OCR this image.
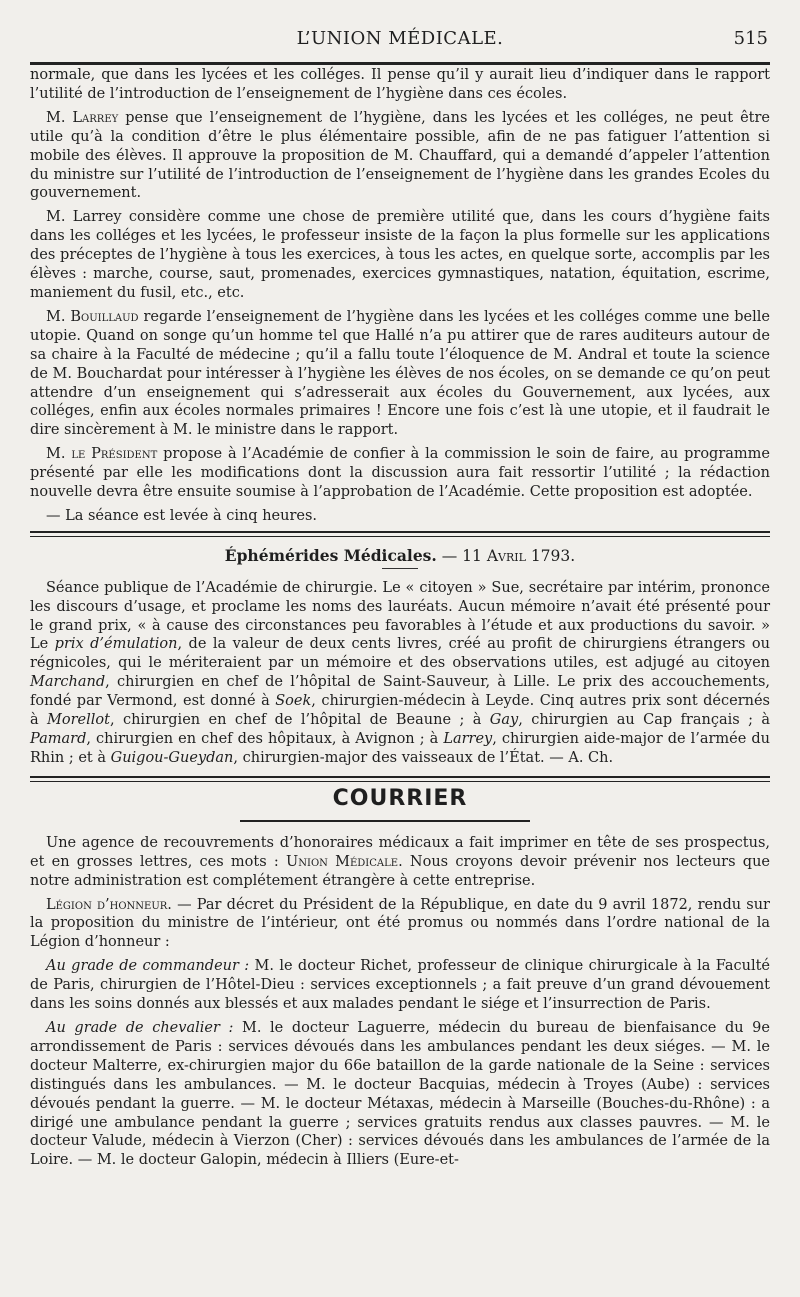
L’UNION MÉDICALE.	515

normale, que dans les lycées et les colléges. Il pense qu’il y aurait lieu d’indiquer dans le rapport l’utilité de l’introduction de l’enseignement de l’hygiène dans ces écoles.

M. Larrey pense que l’enseignement de l’hygiène, dans les lycées et les colléges, ne peut être utile qu’à la condition d’être le plus élémentaire possible, afin de ne pas fatiguer l’attention si mobile des élèves. Il approuve la proposition de M. Chauffard, qui a demandé d’appeler l’attention du ministre sur l’utilité de l’introduction de l’enseignement de l’hygiène dans les grandes Ecoles du gouvernement.

M. Larrey considère comme une chose de première utilité que, dans les cours d’hygiène faits dans les colléges et les lycées, le professeur insiste de la façon la plus formelle sur les applications des préceptes de l’hygiène à tous les exercices, à tous les actes, en quelque sorte, accomplis par les élèves : marche, course, saut, promenades, exercices gymnastiques, natation, équitation, escrime, maniement du fusil, etc., etc.

M. Bouillaud regarde l’enseignement de l’hygiène dans les lycées et les colléges comme une belle utopie. Quand on songe qu’un homme tel que Hallé n’a pu attirer que de rares auditeurs autour de sa chaire à la Faculté de médecine ; qu’il a fallu toute l’éloquence de M. Andral et toute la science de M. Bouchardat pour intéresser à l’hygiène les élèves de nos écoles, on se demande ce qu’on peut attendre d’un enseignement qui s’adresserait aux écoles du Gouvernement, aux lycées, aux colléges, enfin aux écoles normales primaires ! Encore une fois c’est là une utopie, et il faudrait le dire sincèrement à M. le ministre dans le rapport.

M. le Président propose à l’Académie de confier à la commission le soin de faire, au programme présenté par elle les modifications dont la discussion aura fait ressortir l’utilité ; la rédaction nouvelle devra être ensuite soumise à l’approbation de l’Académie. Cette proposition est adoptée.

— La séance est levée à cinq heures.

Éphémérides Médicales. — 11 Avril 1793.

Séance publique de l’Académie de chirurgie. Le « citoyen » Sue, secrétaire par intérim, prononce les discours d’usage, et proclame les noms des lauréats. Aucun mémoire n’avait été présenté pour le grand prix, « à cause des circonstances peu favorables à l’étude et aux productions du savoir. » Le prix d’émulation, de la valeur de deux cents livres, créé au profit de chirurgiens étrangers ou régnicoles, qui le mériteraient par un mémoire et des observations utiles, est adjugé au citoyen Marchand, chirurgien en chef de l’hôpital de Saint-Sauveur, à Lille. Le prix des accouchements, fondé par Vermond, est donné à Soek, chirurgien-médecin à Leyde. Cinq autres prix sont décernés à Morellot, chirurgien en chef de l’hôpital de Beaune ; à Gay, chirurgien au Cap français ; à Pamard, chirurgien en chef des hôpitaux, à Avignon ; à Larrey, chirurgien aide-major de l’armée du Rhin ; et à Guigou-Gueydan, chirurgien-major des vaisseaux de l’État. — A. Ch.

COURRIER

Une agence de recouvrements d’honoraires médicaux a fait imprimer en tête de ses prospectus, et en grosses lettres, ces mots : Union Médicale. Nous croyons devoir prévenir nos lecteurs que notre administration est complétement étrangère à cette entreprise.

Légion d’honneur. — Par décret du Président de la République, en date du 9 avril 1872, rendu sur la proposition du ministre de l’intérieur, ont été promus ou nommés dans l’ordre national de la Légion d’honneur :

Au grade de commandeur : M. le docteur Richet, professeur de clinique chirurgicale à la Faculté de Paris, chirurgien de l’Hôtel-Dieu : services exceptionnels ; a fait preuve d’un grand dévouement dans les soins donnés aux blessés et aux malades pendant le siége et l’insurrection de Paris.

Au grade de chevalier : M. le docteur Laguerre, médecin du bureau de bienfaisance du 9e arrondissement de Paris : services dévoués dans les ambulances pendant les deux siéges. — M. le docteur Malterre, ex-chirurgien major du 66e bataillon de la garde nationale de la Seine : services distingués dans les ambulances. — M. le docteur Bacquias, médecin à Troyes (Aube) : services dévoués pendant la guerre. — M. le docteur Métaxas, médecin à Marseille (Bouches-du-Rhône) : a dirigé une ambulance pendant la guerre ; services gratuits rendus aux classes pauvres. — M. le docteur Valude, médecin à Vierzon (Cher) : services dévoués dans les ambulances de l’armée de la Loire. — M. le docteur Galopin, médecin à Illiers (Eure-et-
